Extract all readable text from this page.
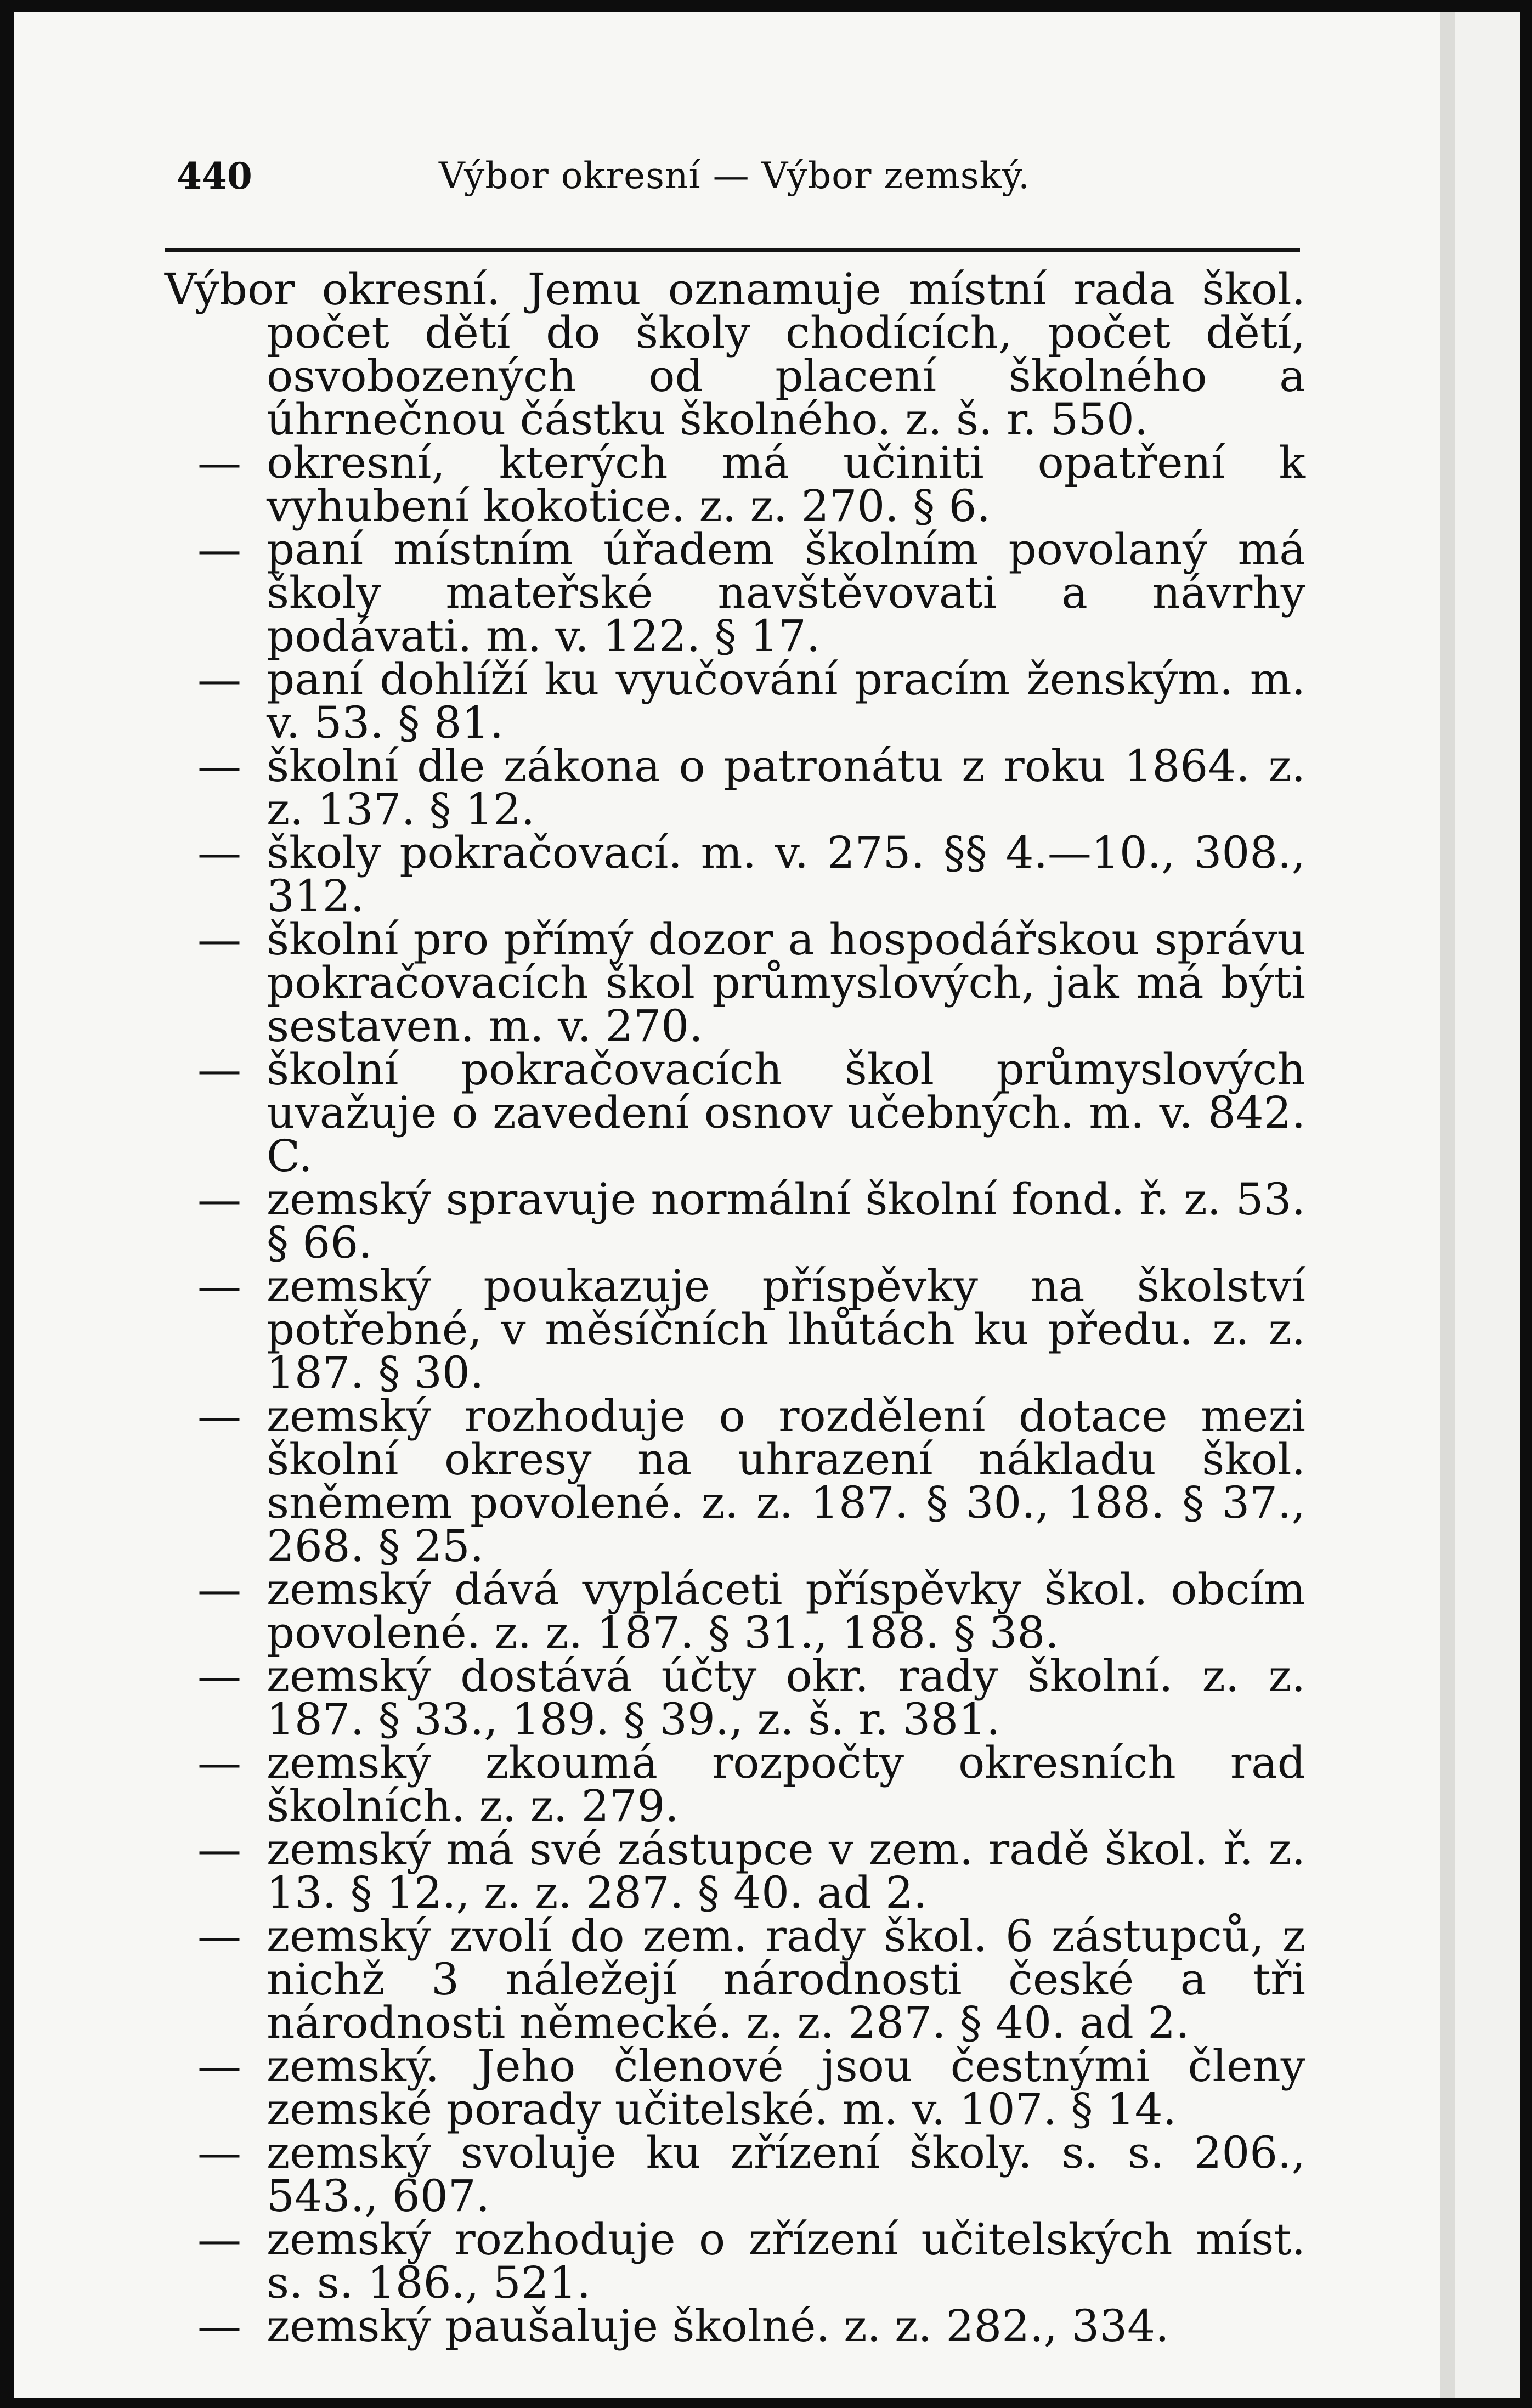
440	Výbor okresní — Výbor zemský.
Výbor okresní. Jemu oznamuje místní rada škol. počet dětí do školy chodících, počet dětí, osvobozených od placení školného a úhrnečnou částku školného. z. š. r. 550.
— okresní, kterých má učiniti opatření k vyhubení kokotice. z. z. 270. § 6.
— paní místním úřadem školním povolaný má školy mateřské navštěvovati a návrhy podávati. m. v. 122. § 17.
— paní dohlíží ku vyučování pracím ženským. m. v. 53. § 81.
— školní dle zákona o patronátu z roku 1864. z. z. 137. § 12.
— školy pokračovací. m. v. 275. §§ 4.—10., 308., 312.
— školní pro přímý dozor a hospodářskou správu pokračovacích škol průmyslových, jak má býti sestaven. m. v. 270.
— školní pokračovacích škol průmyslových uvažuje o zavedení osnov učebných. m. v. 842. C.
— zemský spravuje normální školní fond. ř. z. 53. § 66.
— zemský poukazuje příspěvky na školství potřebné, v měsíčních lhůtách ku předu. z. z. 187. § 30.
— zemský rozhoduje o rozdělení dotace mezi školní okresy na uhrazení nákladu škol. sněmem povolené. z. z. 187. § 30., 188. § 37., 268. § 25.
— zemský dává vypláceti příspěvky škol. obcím povolené. z. z. 187. § 31., 188. § 38.
— zemský dostává účty okr. rady školní. z. z. 187. § 33., 189. § 39., z. š. r. 381.
— zemský zkoumá rozpočty okresních rad školních. z. z. 279.
— zemský má své zástupce v zem. radě škol. ř. z. 13. § 12., z. z. 287. § 40. ad 2.
— zemský zvolí do zem. rady škol. 6 zástupců, z nichž 3 náležejí národnosti české a tři národnosti německé. z. z. 287. § 40. ad 2.
— zemský. Jeho členové jsou čestnými členy zemské porady učitelské. m. v. 107. § 14.
— zemský svoluje ku zřízení školy. s. s. 206., 543., 607.
— zemský rozhoduje o zřízení učitelských míst. s. s. 186., 521.
— zemský paušaluje školné. z. z. 282., 334.
